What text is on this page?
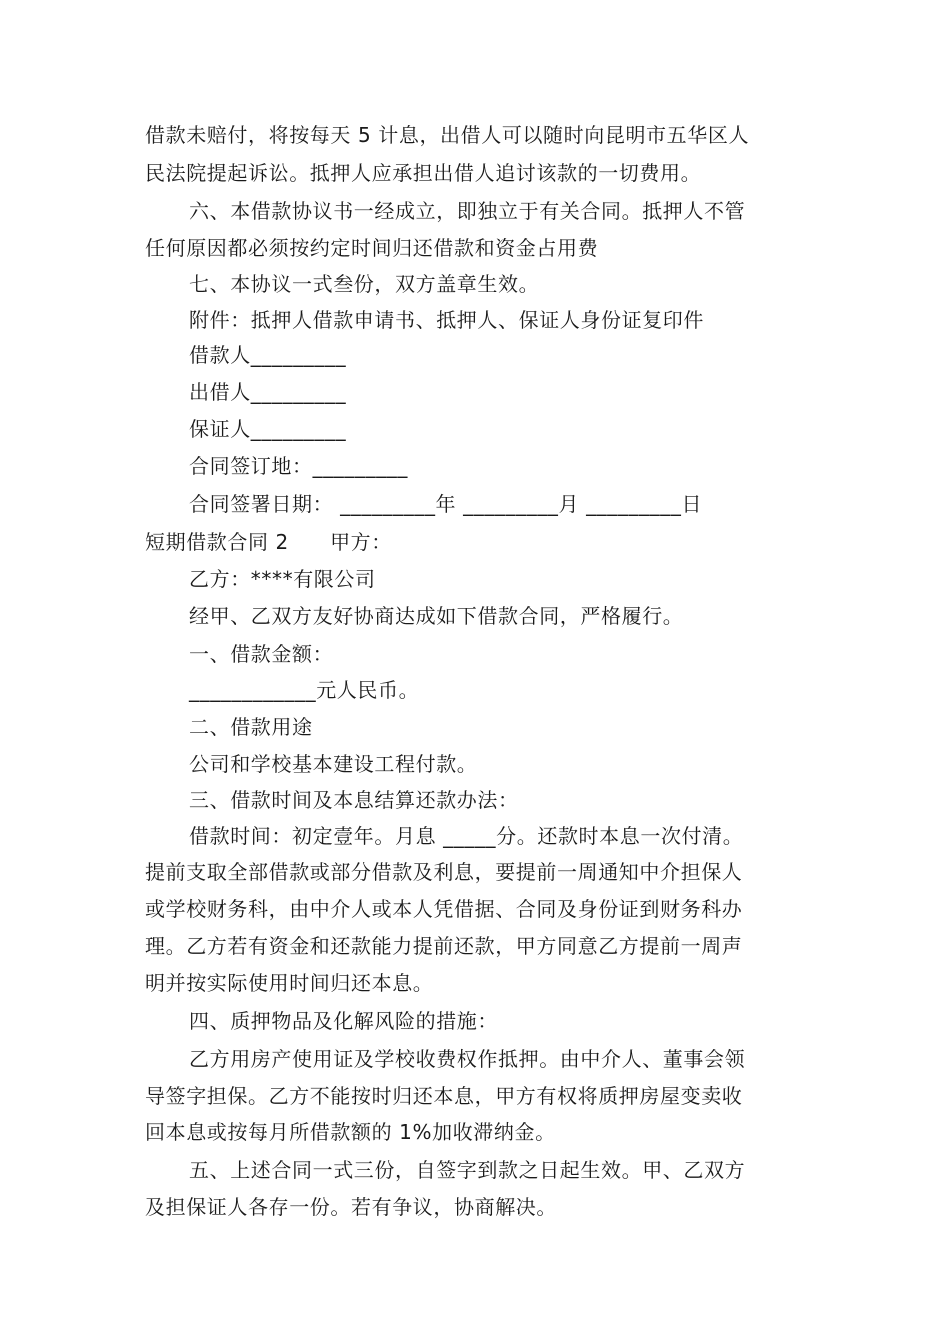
借款未赔付，将按每天 5 计息，出借人可以随时向昆明市五华区人
民法院提起诉讼。抵押人应承担出借人追讨该款的一切费用。
六、本借款协议书一经成立，即独立于有关合同。抵押人不管
任何原因都必须按约定时间归还借款和资金占用费
七、本协议一式叁份，双方盖章生效。
附件：抵押人借款申请书、抵押人、保证人身份证复印件
借款人_________
出借人_________
保证人_________
合同签订地：_________
合同签署日期： _________年 _________月 _________日
短期借款合同 2　　甲方：
乙方：****有限公司
经甲、乙双方友好协商达成如下借款合同，严格履行。
一、借款金额：
____________元人民币。
二、借款用途
公司和学校基本建设工程付款。
三、借款时间及本息结算还款办法：
借款时间：初定壹年。月息 _____分。还款时本息一次付清。
提前支取全部借款或部分借款及利息，要提前一周通知中介担保人
或学校财务科，由中介人或本人凭借据、合同及身份证到财务科办
理。乙方若有资金和还款能力提前还款，甲方同意乙方提前一周声
明并按实际使用时间归还本息。
四、质押物品及化解风险的措施：
乙方用房产使用证及学校收费权作抵押。由中介人、董事会领
导签字担保。乙方不能按时归还本息，甲方有权将质押房屋变卖收
回本息或按每月所借款额的 1%加收滞纳金。
五、上述合同一式三份，自签字到款之日起生效。甲、乙双方
及担保证人各存一份。若有争议，协商解决。
